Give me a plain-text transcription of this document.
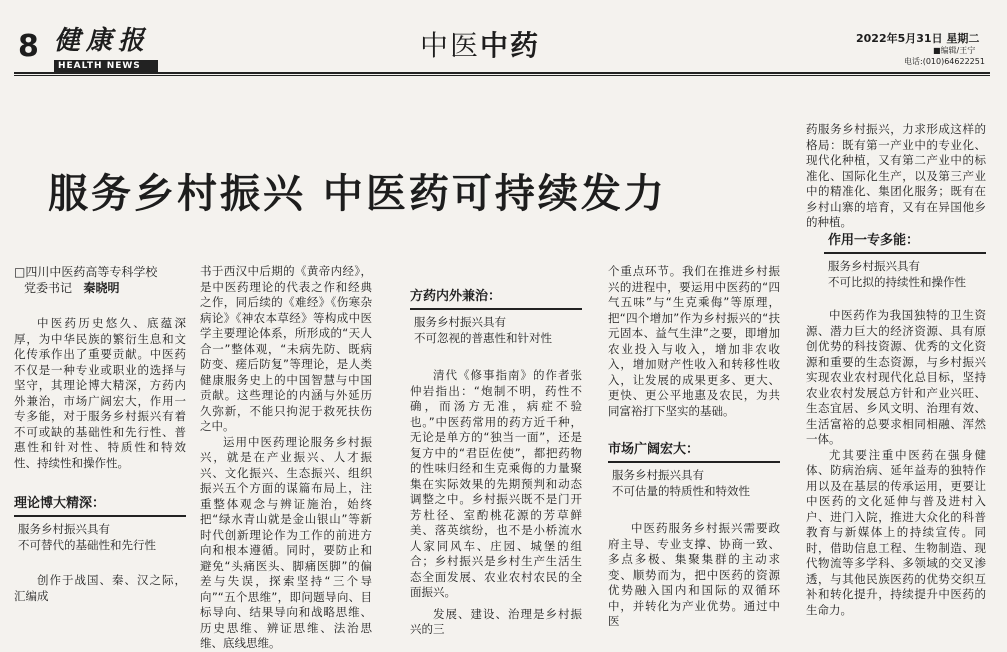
8 健康报
HEALTH NEWS
中医中药	2022年5月31日 星期二
■编辑/王宁
电话:(010)64622251
服务乡村振兴 中医药可持续发力

药服务乡村振兴，力求形成这样的格局：既有第一产业中的专业化、现代化种植，又有第二产业中的标准化、国际化生产，以及第三产业中的精准化、集团化服务；既有在乡村山寨的培育，又有在异国他乡的种植。

□四川中医药高等专科学校
党委书记 秦晓明

中医药历史悠久、底蕴深厚，为中华民族的繁衍生息和文化传承作出了重要贡献。中医药不仅是一种专业或职业的选择与坚守，其理论博大精深，方药内外兼治，市场广阔宏大，作用一专多能，对于服务乡村振兴有着不可或缺的基础性和先行性、普惠性和针对性、特质性和特效性、持续性和操作性。

理论博大精深：
服务乡村振兴具有
不可替代的基础性和先行性

创作于战国、秦、汉之际，汇编成

书于西汉中后期的《黄帝内经》，是中医药理论的代表之作和经典之作，同后续的《难经》《伤寒杂病论》《神农本草经》等构成中医学主要理论体系，所形成的“天人合一”整体观，“未病先防、既病防变、瘥后防复”等理论，是人类健康服务史上的中国智慧与中国贡献。这些理论的内涵与外延历久弥新，不能只拘泥于救死扶伤之中。

运用中医药理论服务乡村振兴，就是在产业振兴、人才振兴、文化振兴、生态振兴、组织振兴五个方面的谋篇布局上，注重整体观念与辨证施治，始终把“绿水青山就是金山银山”等新时代创新理论作为工作的前进方向和根本遵循。同时，要防止和避免“头痛医头、脚痛医脚”的偏差与失误，探索坚持“三个导向”“五个思维”，即问题导向、目标导向、结果导向和战略思维、历史思维、辨证思维、法治思维、底线思维。

方药内外兼治：
服务乡村振兴具有
不可忽视的普惠性和针对性

清代《修事指南》的作者张仲岩指出：“炮制不明，药性不确，而汤方无准，病症不验也。”中医药常用的药方近千种，无论是单方的“独当一面”，还是复方中的“君臣佐使”，都把药物的性味归经和生克乘侮的力量聚集在实际效果的先期预判和动态调整之中。乡村振兴既不是门开芳杜径、室酌桃花源的芳草鲜美、落英缤纷，也不是小桥流水人家同风车、庄园、城堡的组合；乡村振兴是乡村生产生活生态全面发展、农业农村农民的全面振兴。

发展、建设、治理是乡村振兴的三

个重点环节。我们在推进乡村振兴的进程中，要运用中医药的“四气五味”与“生克乘侮”等原理，把“四个增加”作为乡村振兴的“扶元固本、益气生津”之要，即增加农业投入与收入，增加非农收入，增加财产性收入和转移性收入，让发展的成果更多、更大、更快、更公平地惠及农民，为共同富裕打下坚实的基础。

市场广阔宏大：
服务乡村振兴具有
不可估量的特质性和特效性

中医药服务乡村振兴需要政府主导、专业支撑、协商一致、多点多极、集聚集群的主动求变、顺势而为，把中医药的资源优势融入国内和国际的双循环中，并转化为产业优势。通过中医

作用一专多能：
服务乡村振兴具有
不可比拟的持续性和操作性

中医药作为我国独特的卫生资源、潜力巨大的经济资源、具有原创优势的科技资源、优秀的文化资源和重要的生态资源，与乡村振兴实现农业农村现代化总目标，坚持农业农村发展总方针和产业兴旺、生态宜居、乡风文明、治理有效、生活富裕的总要求相同相融、浑然一体。

尤其要注重中医药在强身健体、防病治病、延年益寿的独特作用以及在基层的传承运用，更要让中医药的文化延伸与普及进村入户、进门入院，推进大众化的科普教育与新媒体上的持续宣传。同时，借助信息工程、生物制造、现代物流等多学科、多领域的交叉渗透，与其他民族医药的优势交织互补和转化提升，持续提升中医药的生命力。
